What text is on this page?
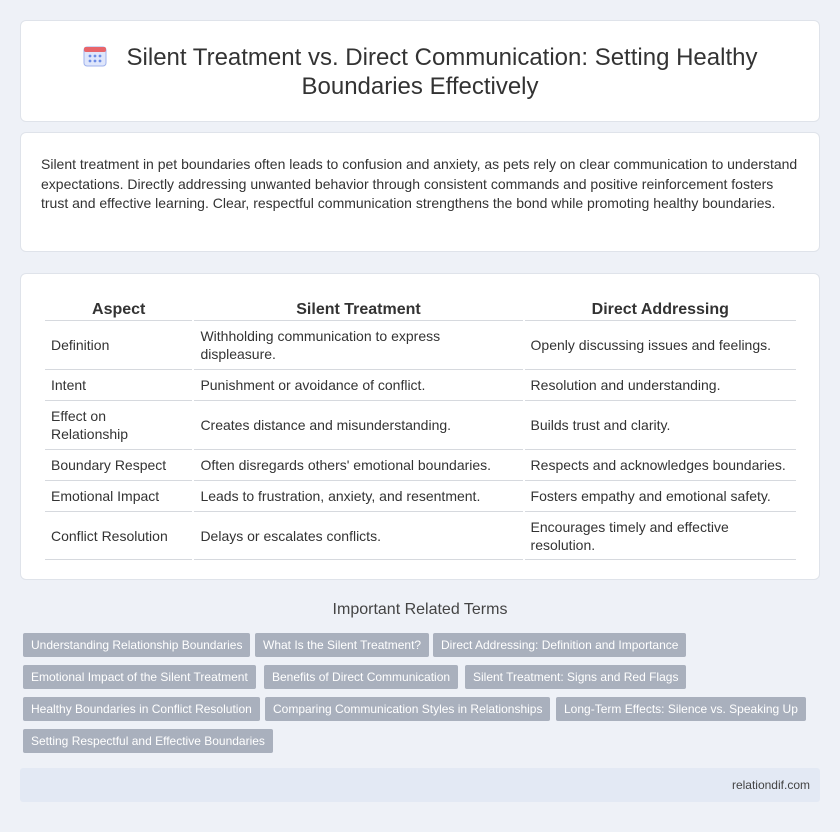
Silent Treatment vs. Direct Communication: Setting Healthy Boundaries Effectively

Silent treatment in pet boundaries often leads to confusion and anxiety, as pets rely on clear communication to understand expectations. Directly addressing unwanted behavior through consistent commands and positive reinforcement fosters trust and effective learning. Clear, respectful communication strengthens the bond while promoting healthy boundaries.

Aspect	Silent Treatment	Direct Addressing
Definition	Withholding communication to express displeasure.	Openly discussing issues and feelings.
Intent	Punishment or avoidance of conflict.	Resolution and understanding.
Effect on Relationship	Creates distance and misunderstanding.	Builds trust and clarity.
Boundary Respect	Often disregards others' emotional boundaries.	Respects and acknowledges boundaries.
Emotional Impact	Leads to frustration, anxiety, and resentment.	Fosters empathy and emotional safety.
Conflict Resolution	Delays or escalates conflicts.	Encourages timely and effective resolution.
Important Related Terms
Understanding Relationship Boundaries	What Is the Silent Treatment?	Direct Addressing: Definition and Importance
Emotional Impact of the Silent Treatment	Benefits of Direct Communication	Silent Treatment: Signs and Red Flags
Healthy Boundaries in Conflict Resolution	Comparing Communication Styles in Relationships	Long-Term Effects: Silence vs. Speaking Up
Setting Respectful and Effective Boundaries
relationdif.com
